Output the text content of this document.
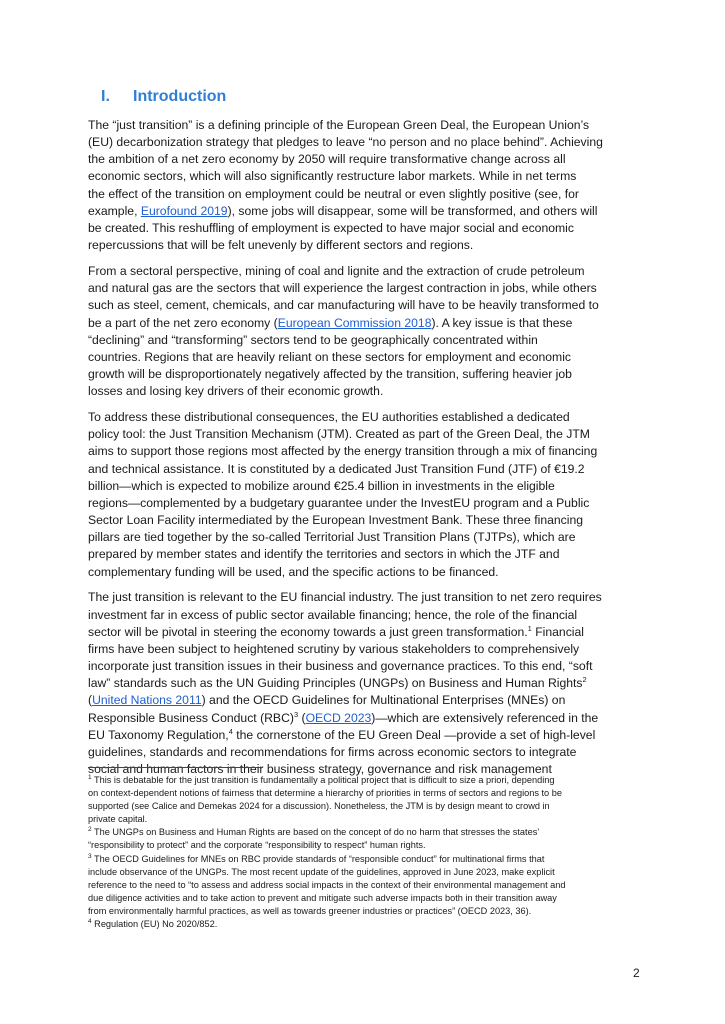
I. Introduction

The “just transition” is a defining principle of the European Green Deal, the European Union’s
(EU) decarbonization strategy that pledges to leave “no person and no place behind”. Achieving
the ambition of a net zero economy by 2050 will require transformative change across all
economic sectors, which will also significantly restructure labor markets. While in net terms
the effect of the transition on employment could be neutral or even slightly positive (see, for
example, Eurofound 2019), some jobs will disappear, some will be transformed, and others will
be created. This reshuffling of employment is expected to have major social and economic
repercussions that will be felt unevenly by different sectors and regions.

From a sectoral perspective, mining of coal and lignite and the extraction of crude petroleum
and natural gas are the sectors that will experience the largest contraction in jobs, while others
such as steel, cement, chemicals, and car manufacturing will have to be heavily transformed to
be a part of the net zero economy (European Commission 2018). A key issue is that these
“declining” and “transforming” sectors tend to be geographically concentrated within
countries. Regions that are heavily reliant on these sectors for employment and economic
growth will be disproportionately negatively affected by the transition, suffering heavier job
losses and losing key drivers of their economic growth.

To address these distributional consequences, the EU authorities established a dedicated
policy tool: the Just Transition Mechanism (JTM). Created as part of the Green Deal, the JTM
aims to support those regions most affected by the energy transition through a mix of financing
and technical assistance. It is constituted by a dedicated Just Transition Fund (JTF) of €19.2
billion—which is expected to mobilize around €25.4 billion in investments in the eligible
regions—complemented by a budgetary guarantee under the InvestEU program and a Public
Sector Loan Facility intermediated by the European Investment Bank. These three financing
pillars are tied together by the so-called Territorial Just Transition Plans (TJTPs), which are
prepared by member states and identify the territories and sectors in which the JTF and
complementary funding will be used, and the specific actions to be financed.

The just transition is relevant to the EU financial industry. The just transition to net zero requires
investment far in excess of public sector available financing; hence, the role of the financial
sector will be pivotal in steering the economy towards a just green transformation.$^1$ Financial
firms have been subject to heightened scrutiny by various stakeholders to comprehensively
incorporate just transition issues in their business and governance practices. To this end, “soft
law” standards such as the UN Guiding Principles (UNGPs) on Business and Human Rights$^2$
(United Nations 2011) and the OECD Guidelines for Multinational Enterprises (MNEs) on
Responsible Business Conduct (RBC)$^3$ (OECD 2023)—which are extensively referenced in the
EU Taxonomy Regulation,$^4$ the cornerstone of the EU Green Deal —provide a set of high-level
guidelines, standards and recommendations for firms across economic sectors to integrate
social and human factors in their business strategy, governance and risk management

$^1$ This is debatable for the just transition is fundamentally a political project that is difficult to size a priori, depending
on context-dependent notions of fairness that determine a hierarchy of priorities in terms of sectors and regions to be
supported (see Calice and Demekas 2024 for a discussion). Nonetheless, the JTM is by design meant to crowd in
private capital.
$^2$ The UNGPs on Business and Human Rights are based on the concept of do no harm that stresses the states’
“responsibility to protect” and the corporate “responsibility to respect” human rights.
$^3$ The OECD Guidelines for MNEs on RBC provide standards of “responsible conduct” for multinational firms that
include observance of the UNGPs. The most recent update of the guidelines, approved in June 2023, make explicit
reference to the need to “to assess and address social impacts in the context of their environmental management and
due diligence activities and to take action to prevent and mitigate such adverse impacts both in their transition away
from environmentally harmful practices, as well as towards greener industries or practices” (OECD 2023, 36).
$^4$ Regulation (EU) No 2020/852.
2
